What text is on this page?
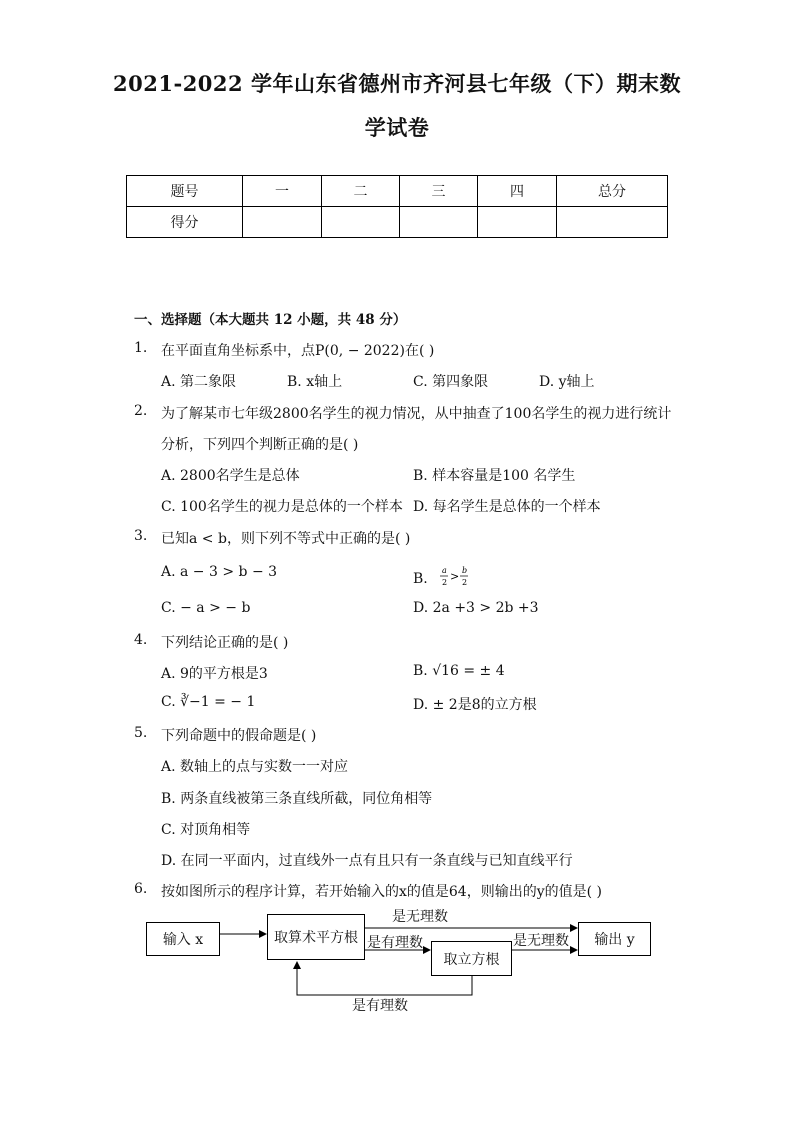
2021-2022 学年山东省德州市齐河县七年级（下）期末数
学试卷
题号	一	二	三	四	总分
得分					
一、选择题（本大题共 12 小题，共 48 分）
1. 在平面直角坐标系中，点P(0, − 2022)在( )
A. 第二象限	B. x轴上	C. 第四象限	D. y轴上
2. 为了解某市七年级2800名学生的视力情况，从中抽查了100名学生的视力进行统计
分析，下列四个判断正确的是( )
A. 2800名学生是总体	B. 样本容量是100 名学生
C. 100名学生的视力是总体的一个样本 D. 每名学生是总体的一个样本
3. 已知a < b，则下列不等式中正确的是( )
A. a − 3 > b − 3	B.
a
2 > b
2
C. − a > − b	D. 2a +3 > 2b +3
4. 下列结论正确的是( )
A. 9的平方根是3	B. √16 = ± 4
C. ∛−1 = − 1	D. ± 2是8的立方根
5. 下列命题中的假命题是( )
A. 数轴上的点与实数一一对应
B. 两条直线被第三条直线所截，同位角相等
C. 对顶角相等
D. 在同一平面内，过直线外一点有且只有一条直线与已知直线平行
6. 按如图所示的程序计算，若开始输入的x的值是64，则输出的y的值是( )
输入 x	取算术平方根
取立方根
输出 y
是无理数
是有理数	是无理数
是有理数
